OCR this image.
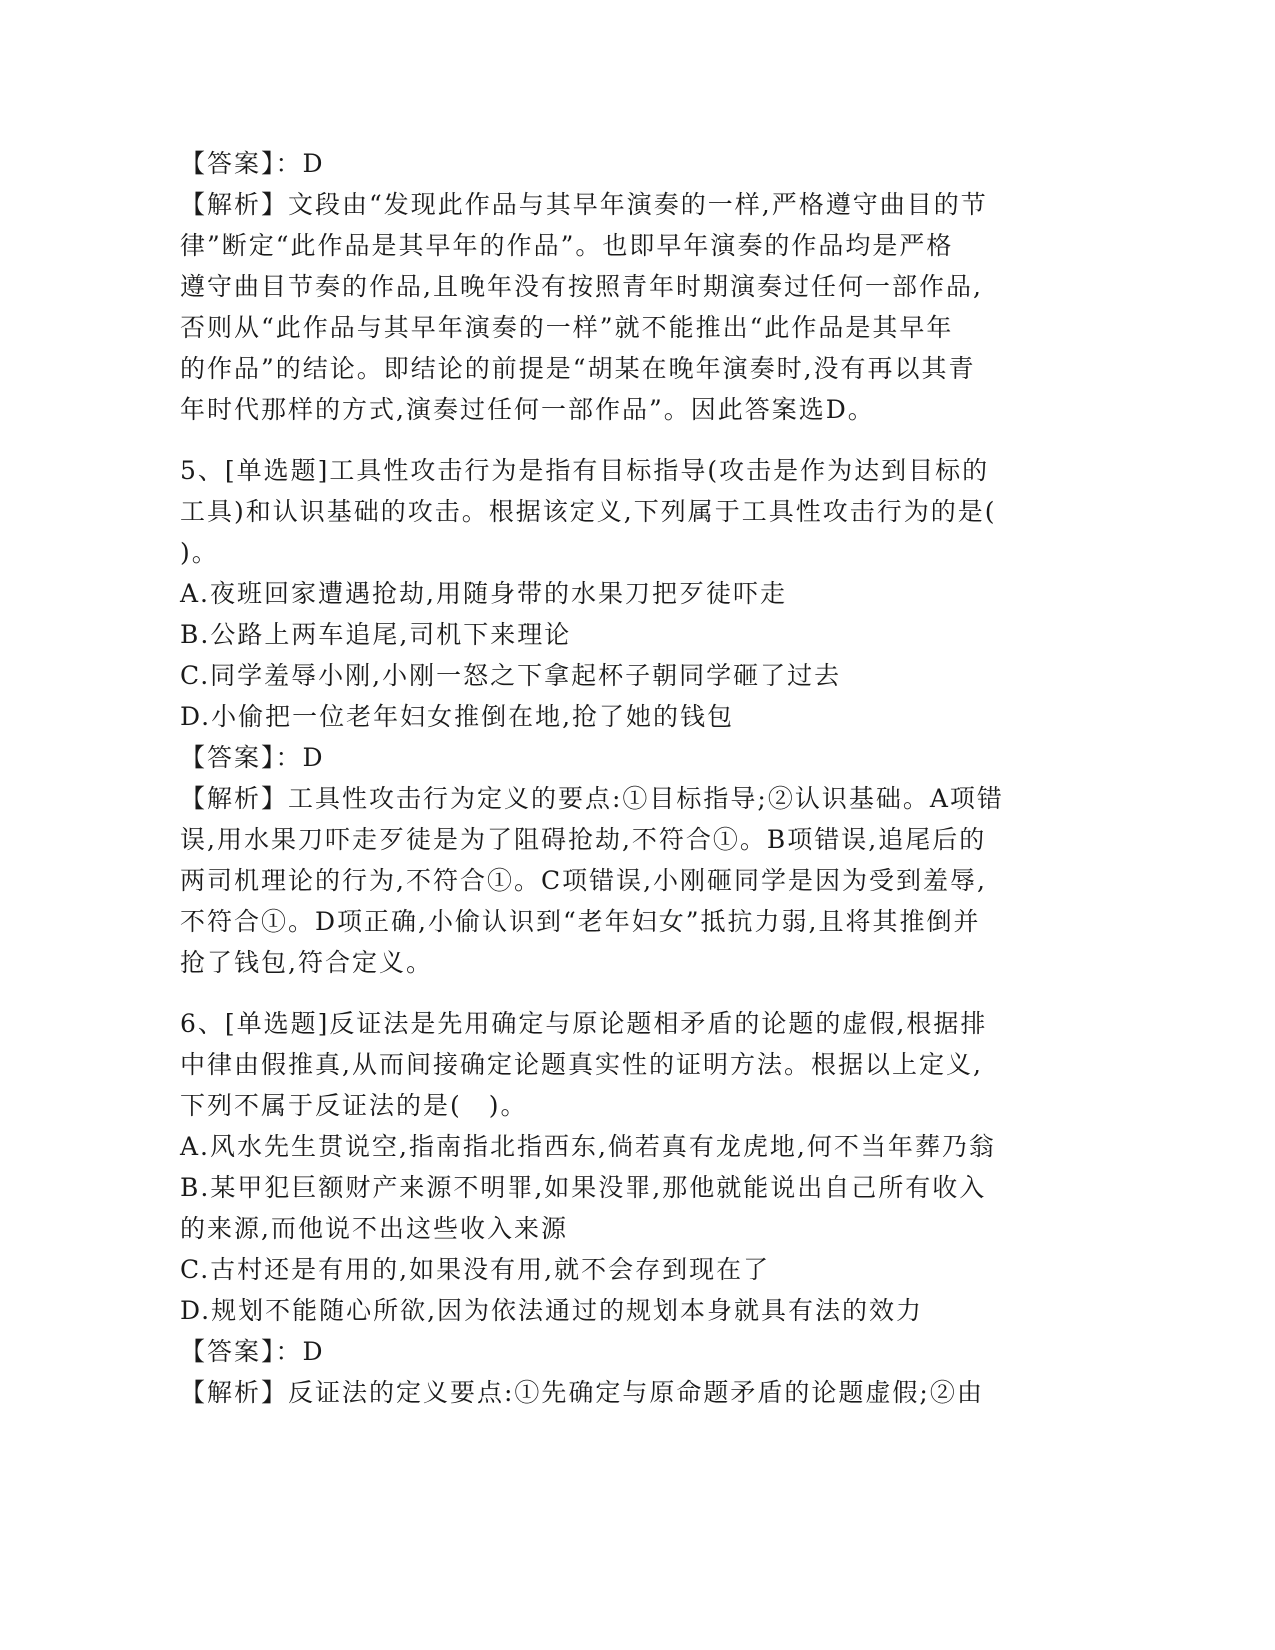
【答案】：D
【解析】文段由“发现此作品与其早年演奏的一样,严格遵守曲目的节
律”断定“此作品是其早年的作品”。也即早年演奏的作品均是严格
遵守曲目节奏的作品,且晚年没有按照青年时期演奏过任何一部作品,
否则从“此作品与其早年演奏的一样”就不能推出“此作品是其早年
的作品”的结论。即结论的前提是“胡某在晚年演奏时,没有再以其青
年时代那样的方式,演奏过任何一部作品”。因此答案选D。
5、[单选题]工具性攻击行为是指有目标指导(攻击是作为达到目标的
工具)和认识基础的攻击。根据该定义,下列属于工具性攻击行为的是(
)。
A.夜班回家遭遇抢劫,用随身带的水果刀把歹徒吓走
B.公路上两车追尾,司机下来理论
C.同学羞辱小刚,小刚一怒之下拿起杯子朝同学砸了过去
D.小偷把一位老年妇女推倒在地,抢了她的钱包
【答案】：D
【解析】工具性攻击行为定义的要点:①目标指导;②认识基础。A项错
误,用水果刀吓走歹徒是为了阻碍抢劫,不符合①。B项错误,追尾后的
两司机理论的行为,不符合①。C项错误,小刚砸同学是因为受到羞辱,
不符合①。D项正确,小偷认识到“老年妇女”抵抗力弱,且将其推倒并
抢了钱包,符合定义。
6、[单选题]反证法是先用确定与原论题相矛盾的论题的虚假,根据排
中律由假推真,从而间接确定论题真实性的证明方法。根据以上定义,
下列不属于反证法的是(　)。
A.风水先生贯说空,指南指北指西东,倘若真有龙虎地,何不当年葬乃翁
B.某甲犯巨额财产来源不明罪,如果没罪,那他就能说出自己所有收入
的来源,而他说不出这些收入来源
C.古村还是有用的,如果没有用,就不会存到现在了
D.规划不能随心所欲,因为依法通过的规划本身就具有法的效力
【答案】：D
【解析】反证法的定义要点:①先确定与原命题矛盾的论题虚假;②由
